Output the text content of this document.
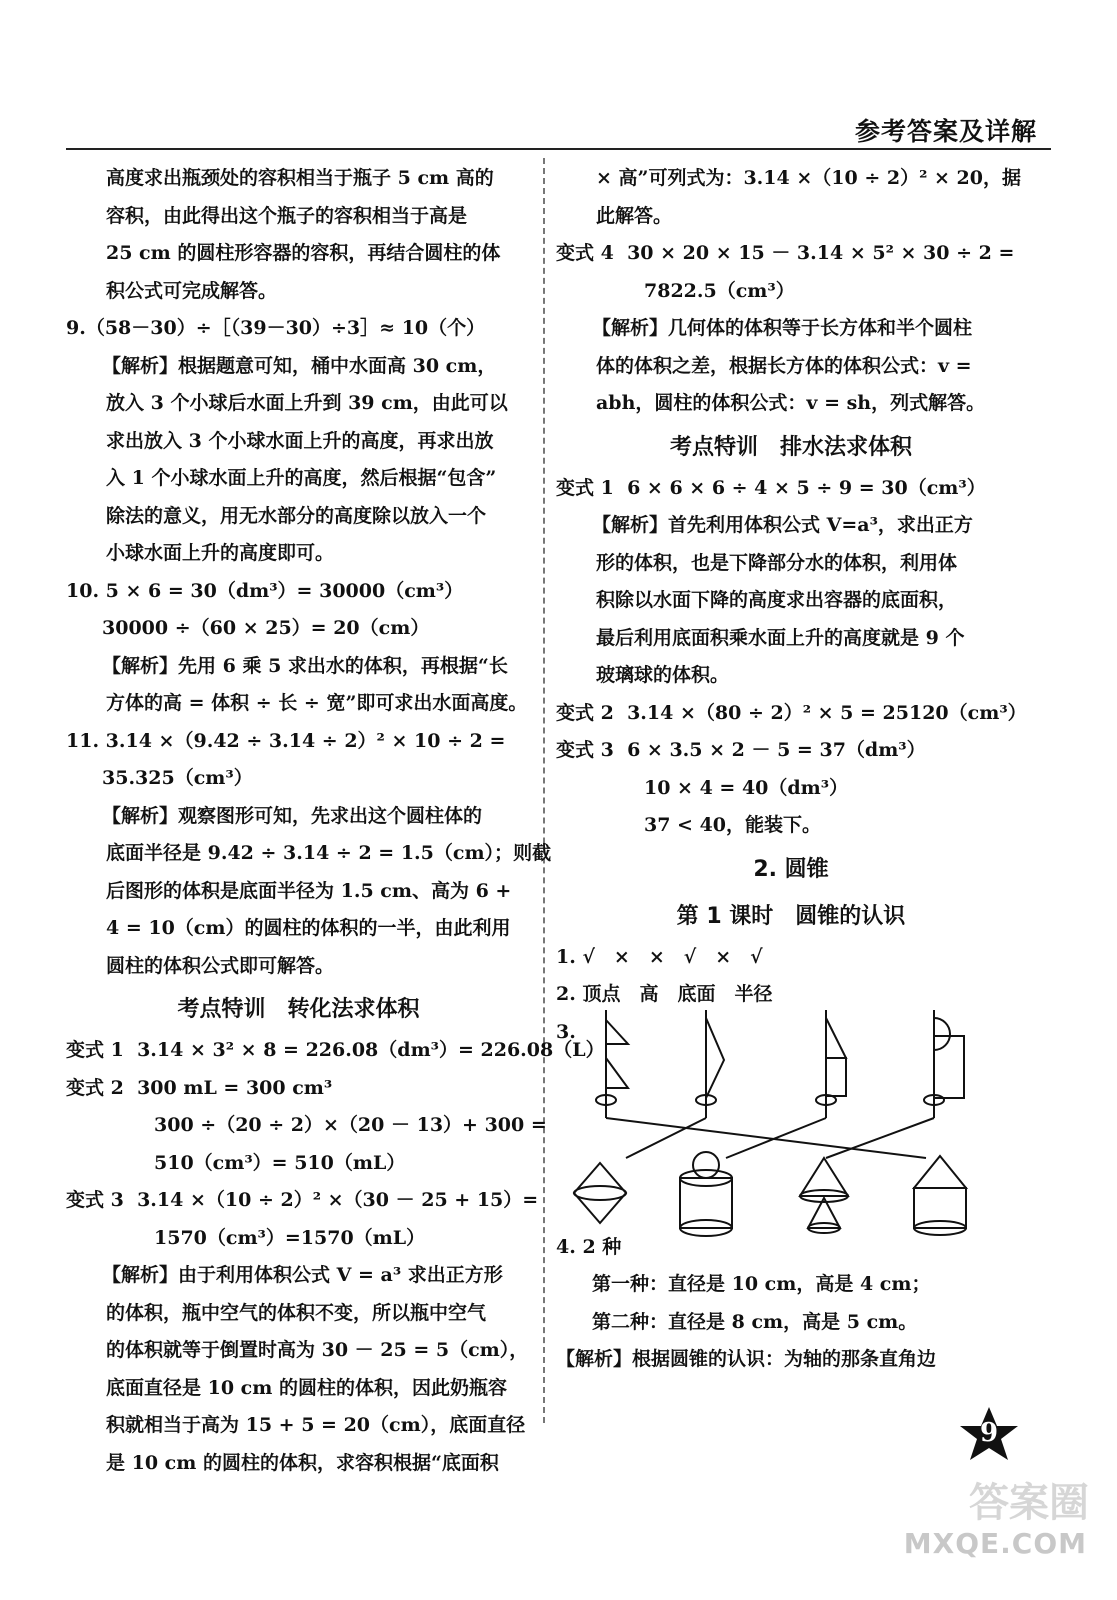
参考答案及详解
高度求出瓶颈处的容积相当于瓶子 5 cm 高的
容积，由此得出这个瓶子的容积相当于高是
25 cm 的圆柱形容器的容积，再结合圆柱的体
积公式可完成解答。
9.（58－30）÷［（39－30）÷3］≈ 10（个）
【解析】根据题意可知，桶中水面高 30 cm，
放入 3 个小球后水面上升到 39 cm，由此可以
求出放入 3 个小球水面上升的高度，再求出放
入 1 个小球水面上升的高度，然后根据“包含”
除法的意义，用无水部分的高度除以放入一个
小球水面上升的高度即可。
10. 5 × 6 = 30（dm³）= 30000（cm³）
30000 ÷（60 × 25）= 20（cm）
【解析】先用 6 乘 5 求出水的体积，再根据“长
方体的高 = 体积 ÷ 长 ÷ 宽”即可求出水面高度。
11. 3.14 ×（9.42 ÷ 3.14 ÷ 2）² × 10 ÷ 2 =
35.325（cm³）
【解析】观察图形可知，先求出这个圆柱体的
底面半径是 9.42 ÷ 3.14 ÷ 2 = 1.5（cm）；则截
后图形的体积是底面半径为 1.5 cm、高为 6 +
4 = 10（cm）的圆柱的体积的一半，由此利用
圆柱的体积公式即可解答。
考点特训　转化法求体积
变式 1 3.14 × 3² × 8 = 226.08（dm³）= 226.08（L）
变式 2 300 mL = 300 cm³
300 ÷（20 ÷ 2）×（20 － 13）+ 300 =
510（cm³）= 510（mL）
变式 3 3.14 ×（10 ÷ 2）² ×（30 － 25 + 15）=
1570（cm³）=1570（mL）
【解析】由于利用体积公式 V = a³ 求出正方形
的体积，瓶中空气的体积不变，所以瓶中空气
的体积就等于倒置时高为 30 － 25 = 5（cm），
底面直径是 10 cm 的圆柱的体积，因此奶瓶容
积就相当于高为 15 + 5 = 20（cm），底面直径
是 10 cm 的圆柱的体积，求容积根据“底面积
× 高”可列式为：3.14 ×（10 ÷ 2）² × 20，据
此解答。
变式 4 30 × 20 × 15 － 3.14 × 5² × 30 ÷ 2 =
7822.5（cm³）
【解析】几何体的体积等于长方体和半个圆柱
体的体积之差，根据长方体的体积公式：v =
abh，圆柱的体积公式：v = sh，列式解答。
考点特训　排水法求体积
变式 1 6 × 6 × 6 ÷ 4 × 5 ÷ 9 = 30（cm³）
【解析】首先利用体积公式 V=a³，求出正方
形的体积，也是下降部分水的体积，利用体
积除以水面下降的高度求出容器的底面积，
最后利用底面积乘水面上升的高度就是 9 个
玻璃球的体积。
变式 2 3.14 ×（80 ÷ 2）² × 5 = 25120（cm³）
变式 3 6 × 3.5 × 2 － 5 = 37（dm³）
10 × 4 = 40（dm³）
37 < 40，能装下。
2. 圆锥
第 1 课时　圆锥的认识
1. √　×　×　√　×　√
2. 顶点　高　底面　半径
3.
4. 2 种
第一种：直径是 10 cm，高是 4 cm；
第二种：直径是 8 cm，高是 5 cm。
【解析】根据圆锥的认识：为轴的那条直角边
9
答案圈
MXQE.COM
